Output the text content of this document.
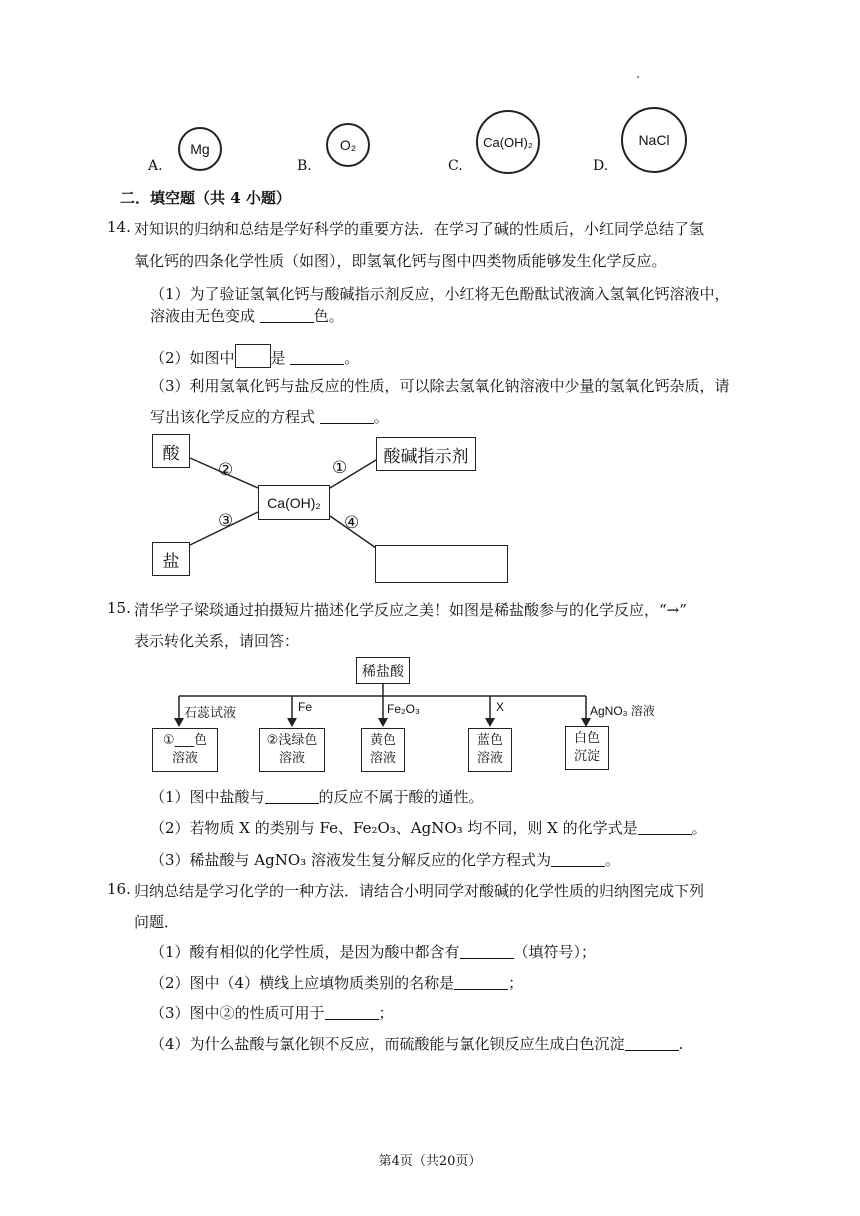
A.
Mg
B.
O₂
C.
Ca(OH)₂
D.
NaCl
二．填空题（共 4 小题）
14. 对知识的归纳和总结是学好科学的重要方法．在学习了碱的性质后，小红同学总结了氢
氧化钙的四条化学性质（如图），即氢氧化钙与图中四类物质能够发生化学反应。
（1）为了验证氢氧化钙与酸碱指示剂反应，小红将无色酚酞试液滴入氢氧化钙溶液中，
溶液由无色变成	色。
（2）如图中 是	。
（3）利用氢氧化钙与盐反应的性质，可以除去氢氧化钠溶液中少量的氢氧化钙杂质，请
写出该化学反应的方程式	。
酸	酸碱指示剂
Ca(OH)₂
盐
②	①
③	④
15. 清华学子梁琰通过拍摄短片描述化学反应之美！如图是稀盐酸参与的化学反应，“→”
表示转化关系，请回答：
稀盐酸
石蕊试液	Fe	Fe₂O₃	X	AgNO₃ 溶液
①___色
溶液
②浅绿色
溶液
黄色
溶液
蓝色
溶液
白色
沉淀
（1）图中盐酸与	的反应不属于酸的通性。
（2）若物质 X 的类别与 Fe、Fe₂O₃、AgNO₃ 均不同，则 X 的化学式是	。
（3）稀盐酸与 AgNO₃ 溶液发生复分解反应的化学方程式为	。
16. 归纳总结是学习化学的一种方法．请结合小明同学对酸碱的化学性质的归纳图完成下列
问题．
（1）酸有相似的化学性质，是因为酸中都含有	（填符号）；
（2）图中（4）横线上应填物质类别的名称是	；
（3）图中②的性质可用于	；
（4）为什么盐酸与氯化钡不反应，而硫酸能与氯化钡反应生成白色沉淀	.
第4页（共20页）
